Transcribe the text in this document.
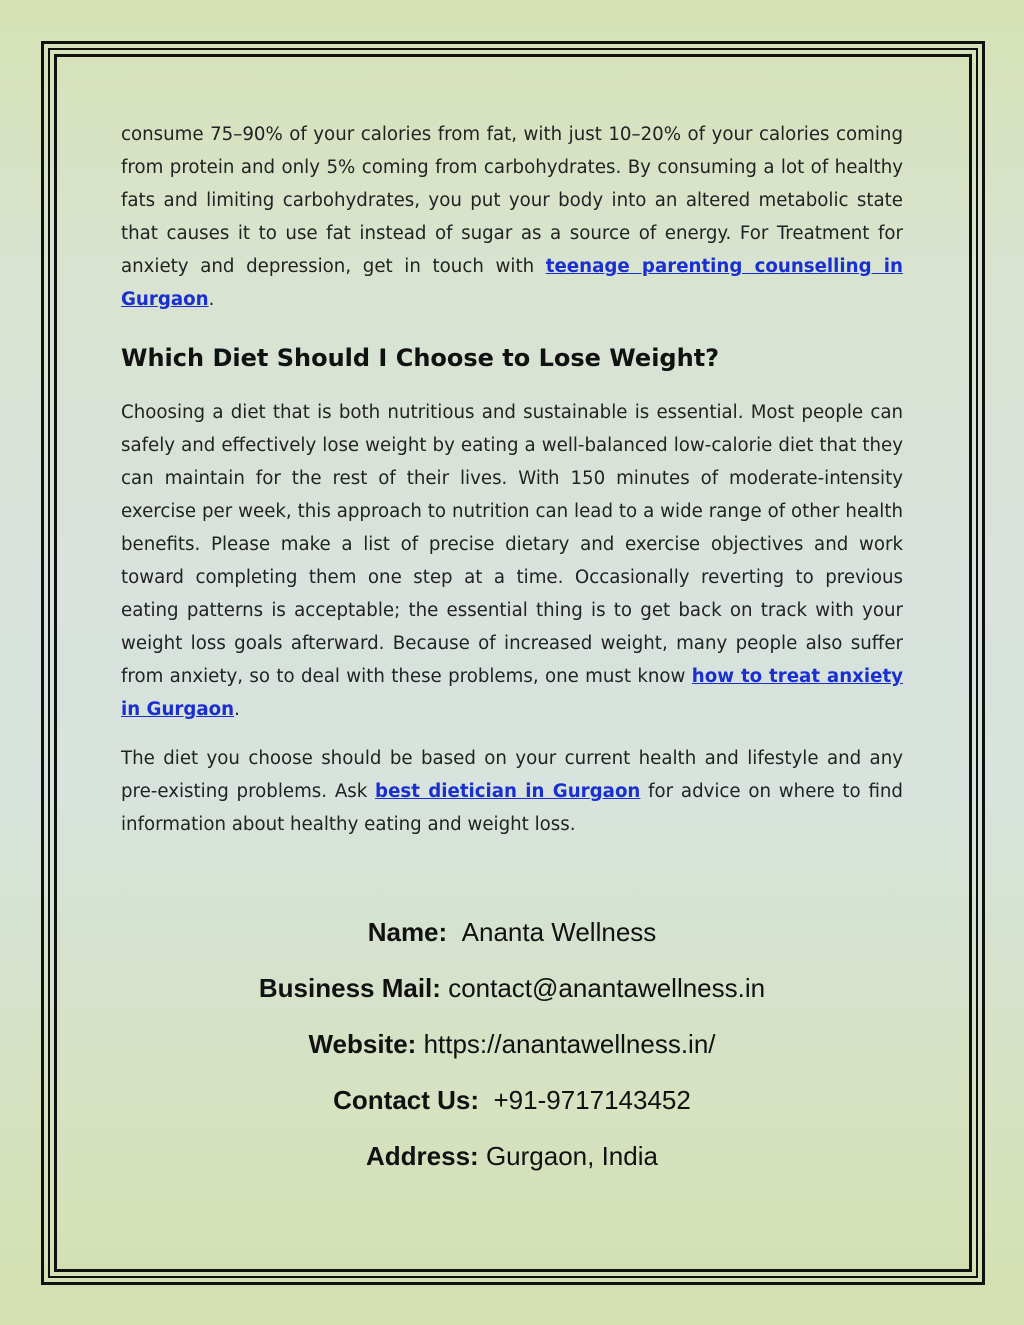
consume 75–90% of your calories from fat, with just 10–20% of your calories coming from protein and only 5% coming from carbohydrates. By consuming a lot of healthy fats and limiting carbohydrates, you put your body into an altered metabolic state that causes it to use fat instead of sugar as a source of energy. For Treatment for anxiety and depression, get in touch with teenage parenting counselling in Gurgaon.

Which Diet Should I Choose to Lose Weight?

Choosing a diet that is both nutritious and sustainable is essential. Most people can safely and effectively lose weight by eating a well-balanced low-calorie diet that they can maintain for the rest of their lives. With 150 minutes of moderate-intensity exercise per week, this approach to nutrition can lead to a wide range of other health benefits. Please make a list of precise dietary and exercise objectives and work toward completing them one step at a time. Occasionally reverting to previous eating patterns is acceptable; the essential thing is to get back on track with your weight loss goals afterward. Because of increased weight, many people also suffer from anxiety, so to deal with these problems, one must know how to treat anxiety in Gurgaon.

The diet you choose should be based on your current health and lifestyle and any pre-existing problems. Ask best dietician in Gurgaon for advice on where to find information about healthy eating and weight loss.

Name: Ananta Wellness
Business Mail: contact@anantawellness.in
Website: https://anantawellness.in/
Contact Us: +91-9717143452
Address: Gurgaon, India
